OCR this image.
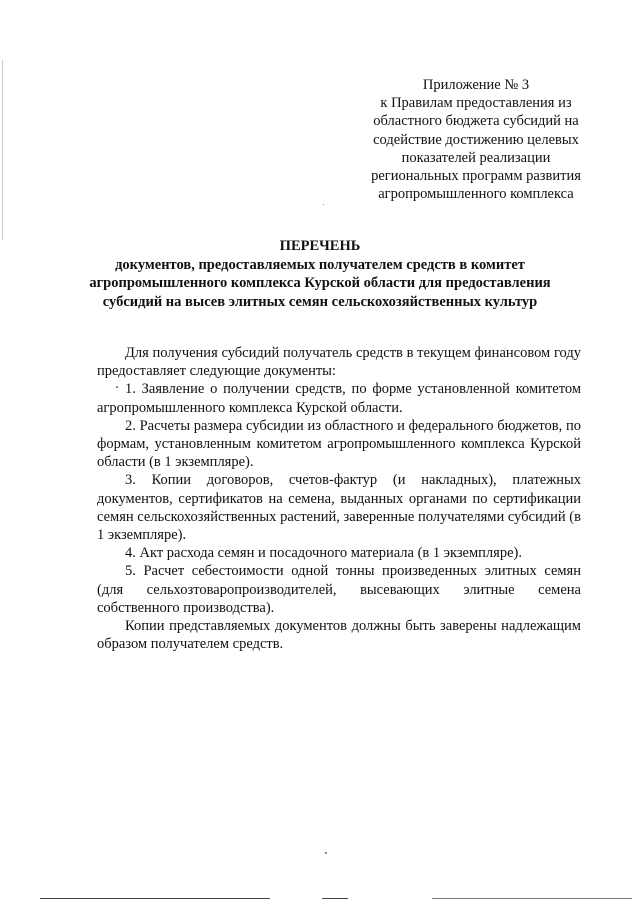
Приложение № 3
к Правилам предоставления из
областного бюджета субсидий на
содействие достижению целевых
показателей реализации
региональных программ развития
агропромышленного комплекса
ПЕРЕЧЕНЬ
документов, предоставляемых получателем средств в комитет
агропромышленного комплекса Курской области для предоставления
субсидий на высев элитных семян сельскохозяйственных культур

Для получения субсидий получатель средств в текущем финансовом году предоставляет следующие документы:

1. Заявление о получении средств, по форме установленной комитетом агропромышленного комплекса Курской области.

2. Расчеты размера субсидии из областного и федерального бюджетов, по формам, установленным комитетом агропромышленного комплекса Курской области (в 1 экземпляре).

3. Копии договоров, счетов-фактур (и накладных), платежных документов, сертификатов на семена, выданных органами по сертификации семян сельскохозяйственных растений, заверенные получателями субсидий (в 1 экземпляре).

4. Акт расхода семян и посадочного материала (в 1 экземпляре).

5. Расчет себестоимости одной тонны произведенных элитных семян (для сельхозтоваропроизводителей, высевающих элитные семена собственного производства).

Копии представляемых документов должны быть заверены надлежащим образом получателем средств.
